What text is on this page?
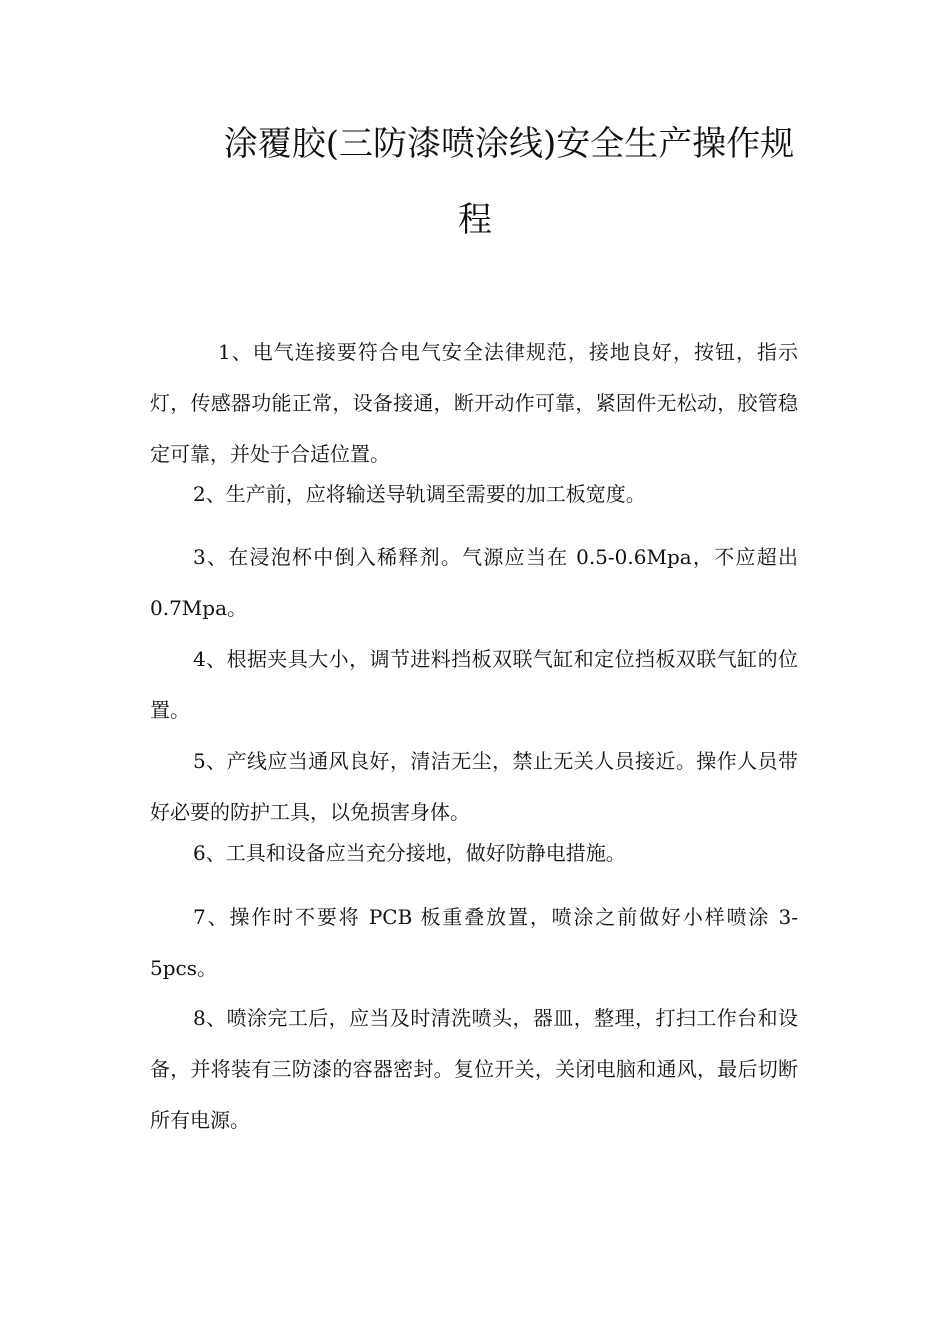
涂覆胶(三防漆喷涂线)安全生产操作规
程

1、电气连接要符合电气安全法律规范，接地良好，按钮，指示灯，传感器功能正常，设备接通，断开动作可靠，紧固件无松动，胶管稳定可靠，并处于合适位置。

2、生产前，应将输送导轨调至需要的加工板宽度。

3、在浸泡杯中倒入稀释剂。气源应当在 0.5-0.6Mpa，不应超出 0.7Mpa。

4、根据夹具大小，调节进料挡板双联气缸和定位挡板双联气缸的位置。

5、产线应当通风良好，清洁无尘，禁止无关人员接近。操作人员带好必要的防护工具，以免损害身体。

6、工具和设备应当充分接地，做好防静电措施。

7、操作时不要将 PCB 板重叠放置，喷涂之前做好小样喷涂 3-5pcs。

8、喷涂完工后，应当及时清洗喷头，器皿，整理，打扫工作台和设备，并将装有三防漆的容器密封。复位开关，关闭电脑和通风，最后切断所有电源。
